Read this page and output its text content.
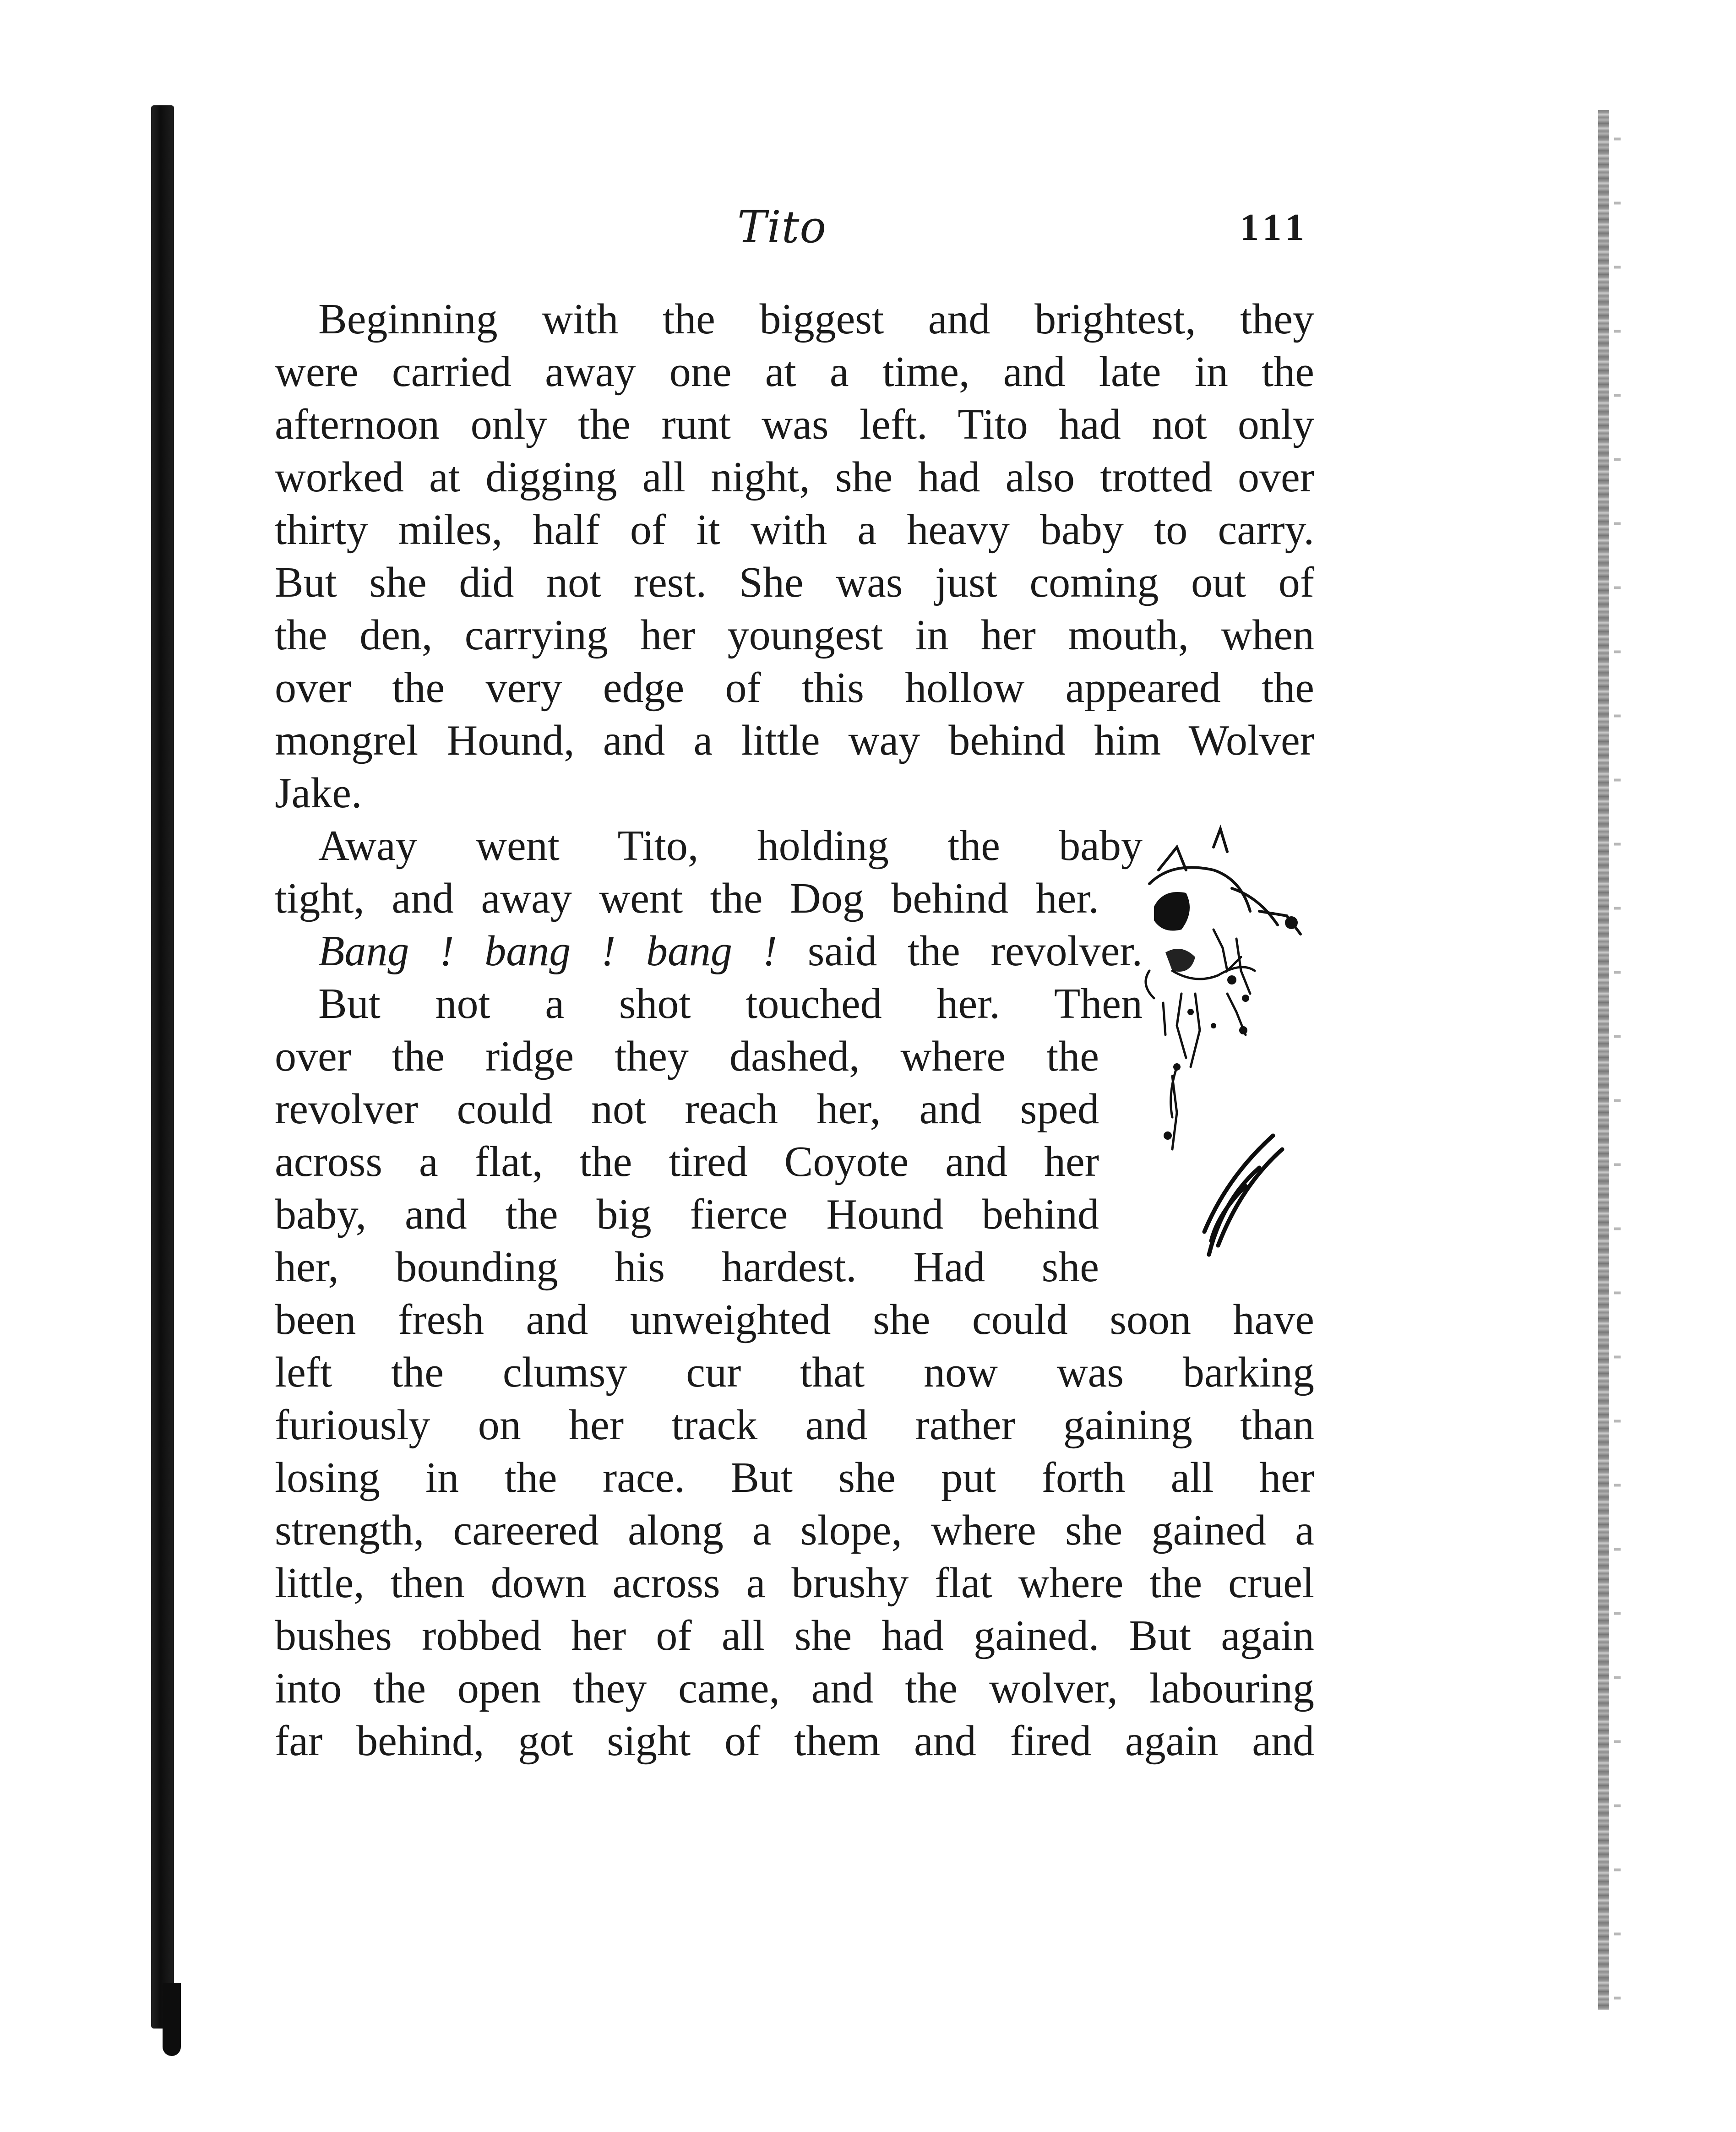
Tito	111
Beginning with the biggest and brightest, they
were carried away one at a time, and late in the
afternoon only the runt was left. Tito had not only
worked at digging all night, she had also trotted over
thirty miles, half of it with a heavy baby to carry.
But she did not rest. She was just coming out of
the den, carrying her youngest in her mouth, when
over the very edge of this hollow appeared the
mongrel Hound, and a little way behind him Wolver
Jake.
Away went Tito, holding the baby
tight, and away went the Dog behind her.
Bang ! bang ! bang ! said the revolver.
But not a shot touched her. Then
over the ridge they dashed, where the
revolver could not reach her, and sped
across a flat, the tired Coyote and her
baby, and the big fierce Hound behind
her, bounding his hardest. Had she
been fresh and unweighted she could soon have
left the clumsy cur that now was barking
furiously on her track and rather gaining than
losing in the race. But she put forth all her
strength, careered along a slope, where she gained a
little, then down across a brushy flat where the cruel
bushes robbed her of all she had gained. But again
into the open they came, and the wolver, labouring
far behind, got sight of them and fired again and
